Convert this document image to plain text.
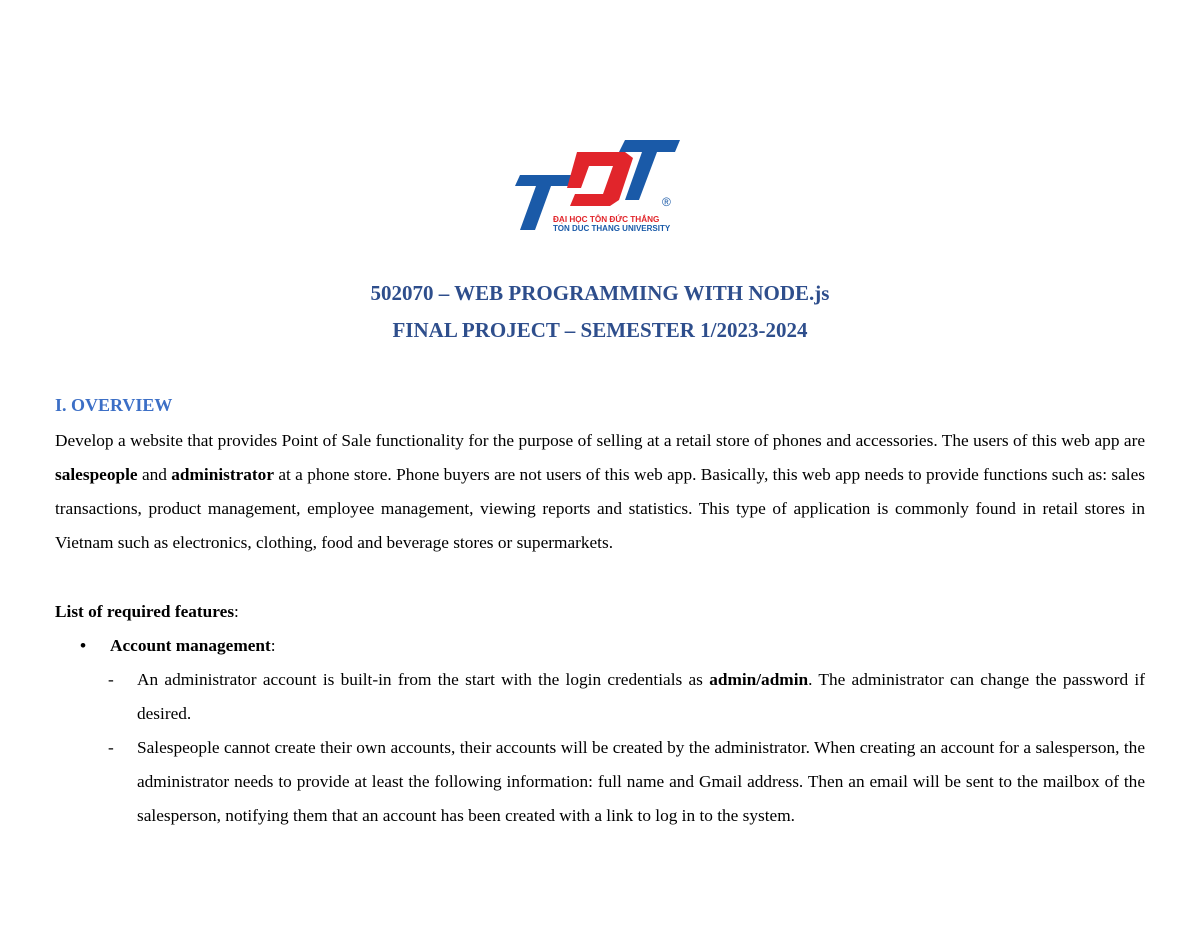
®
ĐẠI HỌC TÔN ĐỨC THẮNG
TON DUC THANG UNIVERSITY
502070 – WEB PROGRAMMING WITH NODE.js
FINAL PROJECT – SEMESTER 1/2023-2024
I. OVERVIEW
Develop a website that provides Point of Sale functionality for the purpose of selling at a retail store of phones and accessories. The users of this web app are salespeople and administrator at a phone store. Phone buyers are not users of this web app. Basically, this web app needs to provide functions such as: sales transactions, product management, employee management, viewing reports and statistics. This type of application is commonly found in retail stores in Vietnam such as electronics, clothing, food and beverage stores or supermarkets.
List of required features:
• Account management:
-	An administrator account is built-in from the start with the login credentials as admin/admin. The administrator can change the password if desired.
-	Salespeople cannot create their own accounts, their accounts will be created by the administrator. When creating an account for a salesperson, the administrator needs to provide at least the following information: full name and Gmail address. Then an email will be sent to the mailbox of the salesperson, notifying them that an account has been created with a link to log in to the system.
